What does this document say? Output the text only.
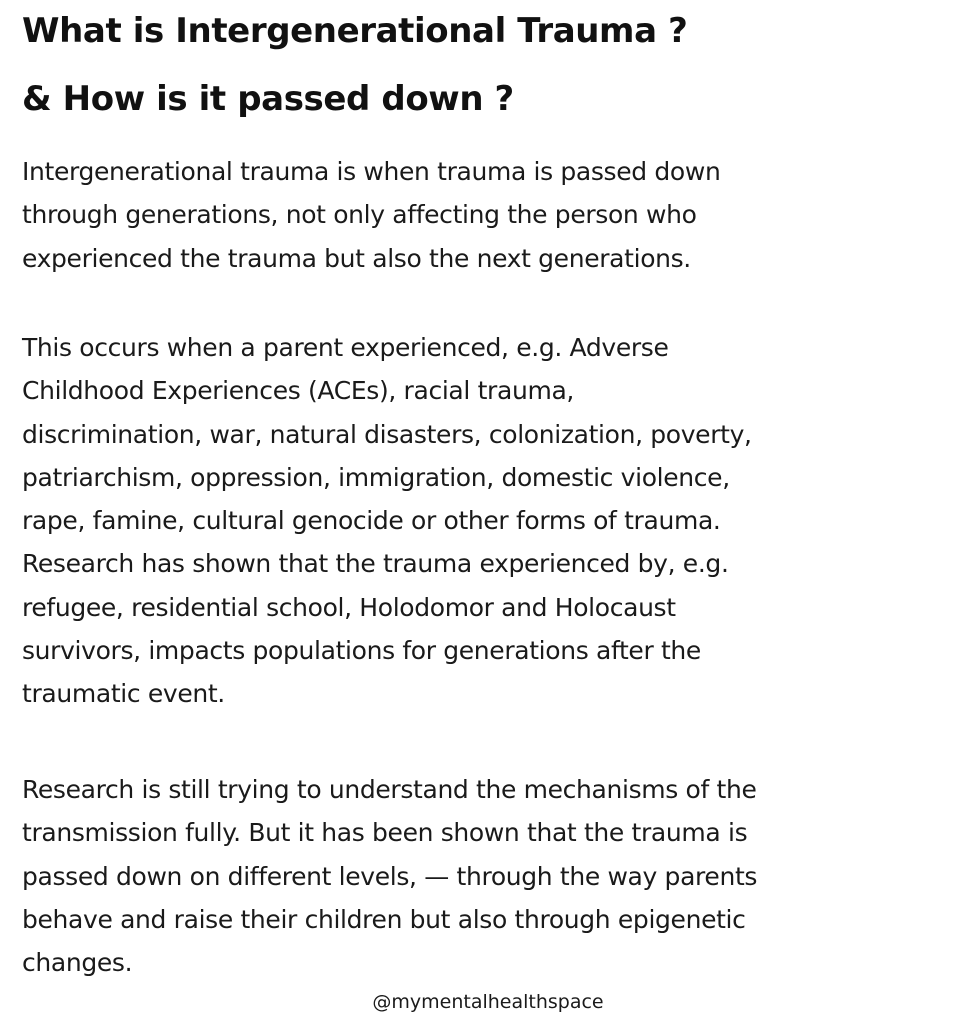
What is Intergenerational Trauma ?
& How is it passed down ?

Intergenerational trauma is when trauma is passed down
through generations, not only affecting the person who
experienced the trauma but also the next generations.

This occurs when a parent experienced, e.g. Adverse
Childhood Experiences (ACEs), racial trauma,
discrimination, war, natural disasters, colonization, poverty,
patriarchism, oppression, immigration, domestic violence,
rape, famine, cultural genocide or other forms of trauma.
Research has shown that the trauma experienced by, e.g.
refugee, residential school, Holodomor and Holocaust
survivors, impacts populations for generations after the
traumatic event.

Research is still trying to understand the mechanisms of the
transmission fully. But it has been shown that the trauma is
passed down on different levels, — through the way parents
behave and raise their children but also through epigenetic
changes.

@mymentalhealthspace
